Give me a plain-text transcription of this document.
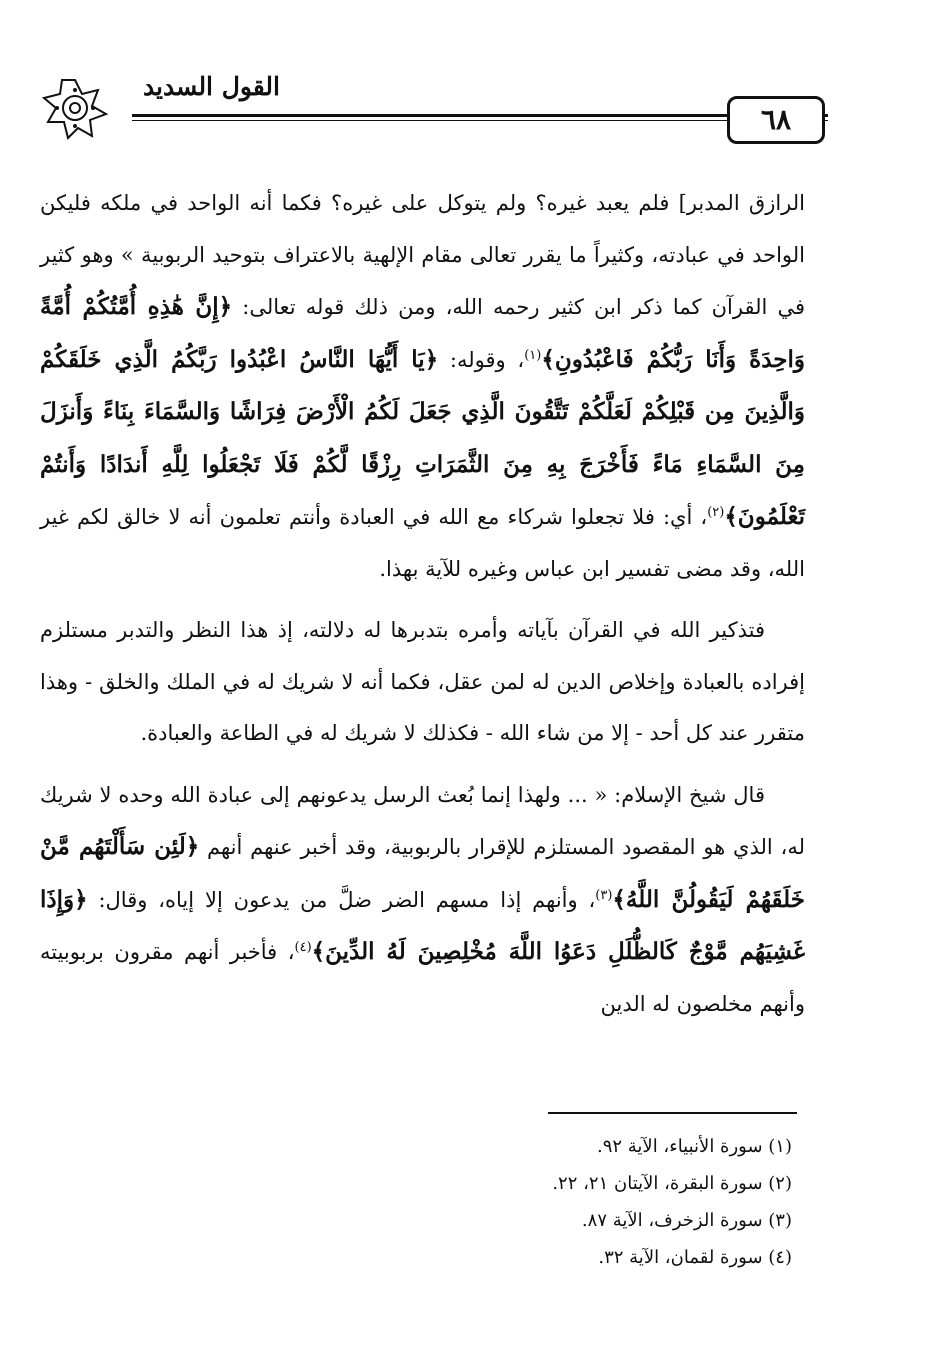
القول السديد
٦٨

الرازق المدبر] فلم يعبد غيره؟ ولم يتوكل على غيره؟ فكما أنه الواحد في ملكه فليكن الواحد في عبادته، وكثيراً ما يقرر تعالى مقام الإلهية بالاعتراف بتوحيد الربوبية » وهو كثير في القرآن كما ذكر ابن كثير رحمه الله، ومن ذلك قوله تعالى: ﴿إِنَّ هَٰذِهِ أُمَّتُكُمْ أُمَّةً وَاحِدَةً وَأَنَا رَبُّكُمْ فَاعْبُدُونِ﴾$^{(١)}$، وقوله: ﴿يَا أَيُّهَا النَّاسُ اعْبُدُوا رَبَّكُمُ الَّذِي خَلَقَكُمْ وَالَّذِينَ مِن قَبْلِكُمْ لَعَلَّكُمْ تَتَّقُونَ الَّذِي جَعَلَ لَكُمُ الْأَرْضَ فِرَاشًا وَالسَّمَاءَ بِنَاءً وَأَنزَلَ مِنَ السَّمَاءِ مَاءً فَأَخْرَجَ بِهِ مِنَ الثَّمَرَاتِ رِزْقًا لَّكُمْ فَلَا تَجْعَلُوا لِلَّهِ أَندَادًا وَأَنتُمْ تَعْلَمُونَ﴾$^{(٢)}$، أي: فلا تجعلوا شركاء مع الله في العبادة وأنتم تعلمون أنه لا خالق لكم غير الله، وقد مضى تفسير ابن عباس وغيره للآية بهذا.

فتذكير الله في القرآن بآياته وأمره بتدبرها له دلالته، إذ هذا النظر والتدبر مستلزم إفراده بالعبادة وإخلاص الدين له لمن عقل، فكما أنه لا شريك له في الملك والخلق - وهذا متقرر عند كل أحد - إلا من شاء الله - فكذلك لا شريك له في الطاعة والعبادة.

قال شيخ الإسلام: « ... ولهذا إنما بُعث الرسل يدعونهم إلى عبادة الله وحده لا شريك له، الذي هو المقصود المستلزم للإقرار بالربوبية، وقد أخبر عنهم أنهم ﴿لَئِن سَأَلْتَهُم مَّنْ خَلَقَهُمْ لَيَقُولُنَّ اللَّهُ﴾$^{(٣)}$، وأنهم إذا مسهم الضر ضلَّ من يدعون إلا إياه، وقال: ﴿وَإِذَا غَشِيَهُم مَّوْجٌ كَالظُّلَلِ دَعَوُا اللَّهَ مُخْلِصِينَ لَهُ الدِّينَ﴾$^{(٤)}$، فأخبر أنهم مقرون بربوبيته وأنهم مخلصون له الدين

(١) سورة الأنبياء، الآية ٩٢.
(٢) سورة البقرة، الآيتان ٢١، ٢٢.
(٣) سورة الزخرف، الآية ٨٧.
(٤) سورة لقمان، الآية ٣٢.
